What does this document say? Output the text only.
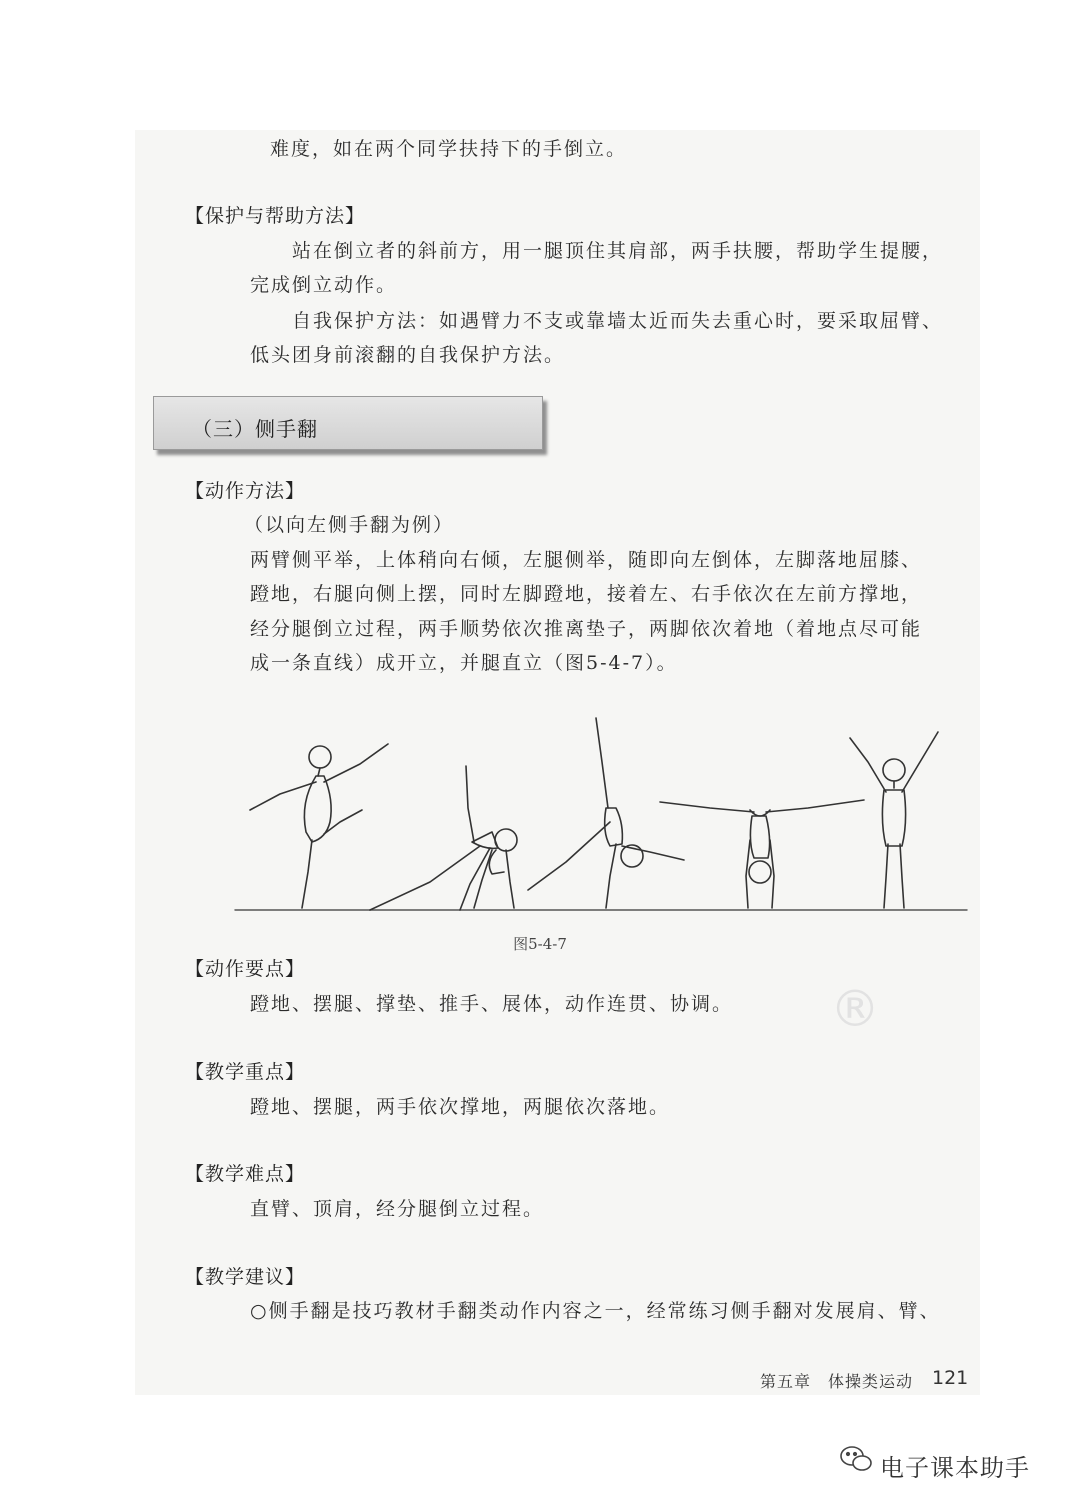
难度，如在两个同学扶持下的手倒立。
【保护与帮助方法】
站在倒立者的斜前方，用一腿顶住其肩部，两手扶腰，帮助学生提腰，
完成倒立动作。
自我保护方法：如遇臂力不支或靠墙太近而失去重心时，要采取屈臂、
低头团身前滚翻的自我保护方法。
（三）侧手翻
【动作方法】
（以向左侧手翻为例）
两臂侧平举，上体稍向右倾，左腿侧举，随即向左倒体，左脚落地屈膝、
蹬地，右腿向侧上摆，同时左脚蹬地，接着左、右手依次在左前方撑地，
经分腿倒立过程，两手顺势依次推离垫子，两脚依次着地（着地点尽可能
成一条直线）成开立，并腿直立（图5-4-7）。
图5-4-7
【动作要点】
蹬地、摆腿、撑垫、推手、展体，动作连贯、协调。
【教学重点】
蹬地、摆腿，两手依次撑地，两腿依次落地。
【教学难点】
直臂、顶肩，经分腿倒立过程。
【教学建议】
○侧手翻是技巧教材手翻类动作内容之一，经常练习侧手翻对发展肩、臂、
®
第五章　体操类运动 121
电子课本助手
